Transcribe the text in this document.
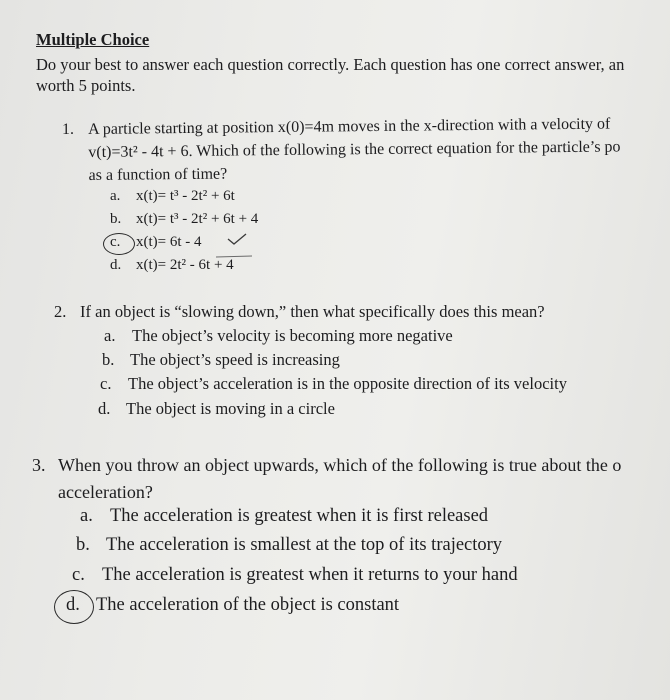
Multiple Choice
Do your best to answer each question correctly. Each question has one correct answer, an
worth 5 points.
1. A particle starting at position x(0)=4m moves in the x-direction with a velocity of
v(t)=3t² - 4t + 6. Which of the following is the correct equation for the particle’s po
as a function of time?
a. x(t)= t³ - 2t² + 6t
b. x(t)= t³ - 2t² + 6t + 4
c. x(t)= 6t - 4
d. x(t)= 2t² - 6t + 4
2. If an object is “slowing down,” then what specifically does this mean?
a. The object’s velocity is becoming more negative
b. The object’s speed is increasing
c. The object’s acceleration is in the opposite direction of its velocity
d. The object is moving in a circle
3. When you throw an object upwards, which of the following is true about the o
acceleration?
a. The acceleration is greatest when it is first released
b. The acceleration is smallest at the top of its trajectory
c. The acceleration is greatest when it returns to your hand
d. The acceleration of the object is constant
